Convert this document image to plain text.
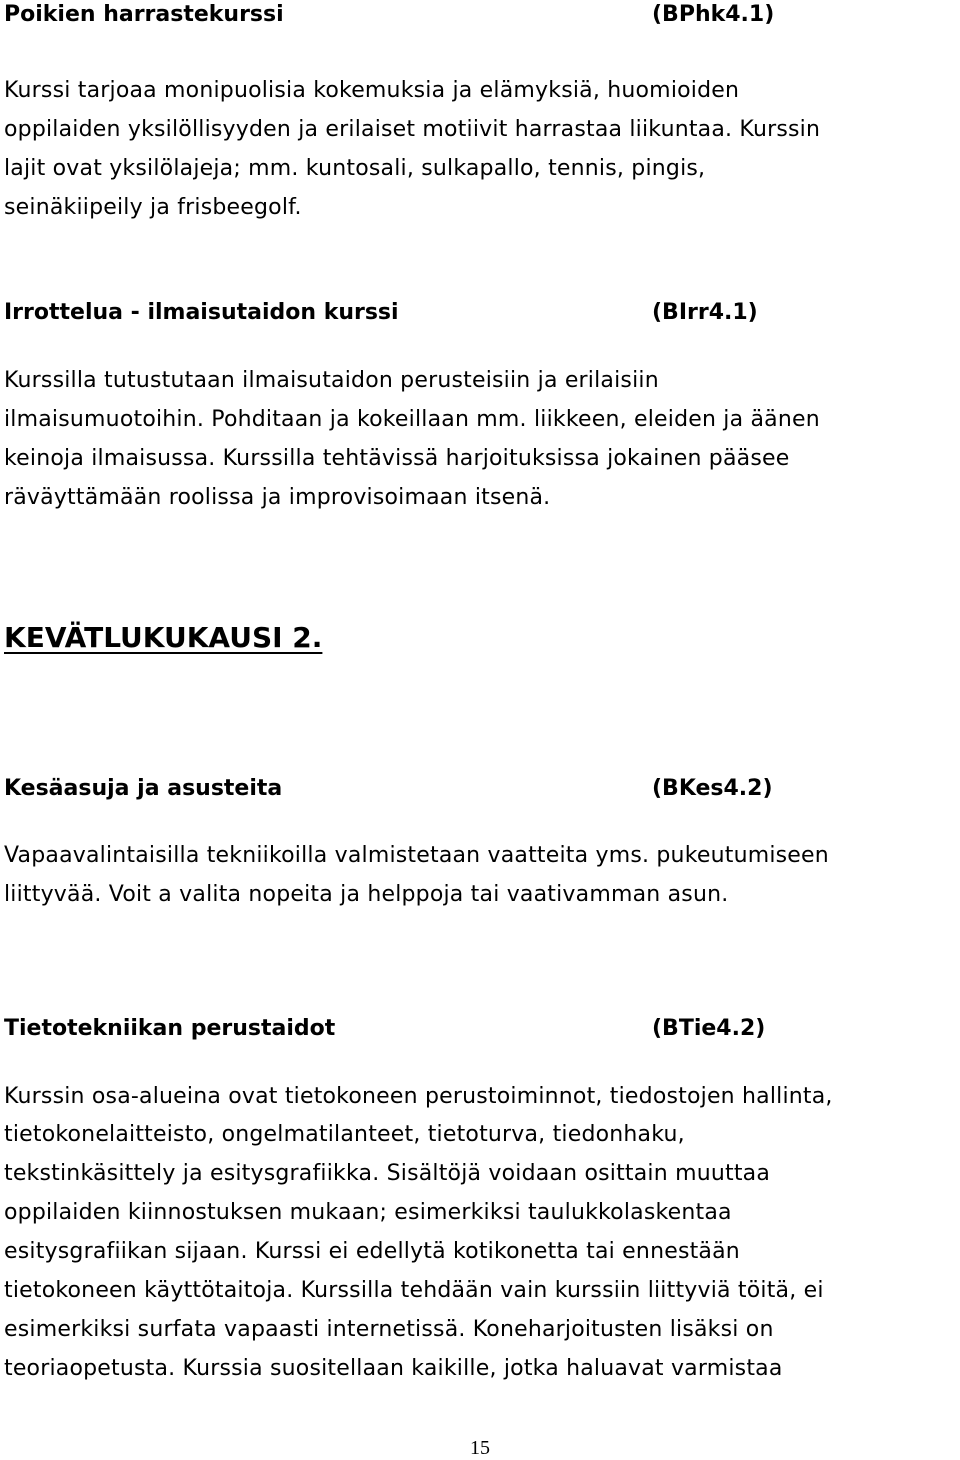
Poikien harrastekurssi	(BPhk4.1)
Kurssi tarjoaa monipuolisia kokemuksia ja elämyksiä, huomioiden
oppilaiden yksilöllisyyden ja erilaiset motiivit harrastaa liikuntaa. Kurssin
lajit ovat yksilölajeja; mm. kuntosali, sulkapallo, tennis, pingis,
seinäkiipeily ja frisbeegolf.
Irrottelua - ilmaisutaidon kurssi	(BIrr4.1)
Kurssilla tutustutaan ilmaisutaidon perusteisiin ja erilaisiin
ilmaisumuotoihin. Pohditaan ja kokeillaan mm. liikkeen, eleiden ja äänen
keinoja ilmaisussa. Kurssilla tehtävissä harjoituksissa jokainen pääsee
räväyttämään roolissa ja improvisoimaan itsenä.
KEVÄTLUKUKAUSI 2.
Kesäasuja ja asusteita	(BKes4.2)
Vapaavalintaisilla tekniikoilla valmistetaan vaatteita yms. pukeutumiseen
liittyvää. Voit a valita nopeita ja helppoja tai vaativamman asun.
Tietotekniikan perustaidot	(BTie4.2)
Kurssin osa-alueina ovat tietokoneen perustoiminnot, tiedostojen hallinta,
tietokonelaitteisto, ongelmatilanteet, tietoturva, tiedonhaku,
tekstinkäsittely ja esitysgrafiikka. Sisältöjä voidaan osittain muuttaa
oppilaiden kiinnostuksen mukaan; esimerkiksi taulukkolaskentaa
esitysgrafiikan sijaan. Kurssi ei edellytä kotikonetta tai ennestään
tietokoneen käyttötaitoja. Kurssilla tehdään vain kurssiin liittyviä töitä, ei
esimerkiksi surfata vapaasti internetissä. Koneharjoitusten lisäksi on
teoriaopetusta. Kurssia suositellaan kaikille, jotka haluavat varmistaa
15
